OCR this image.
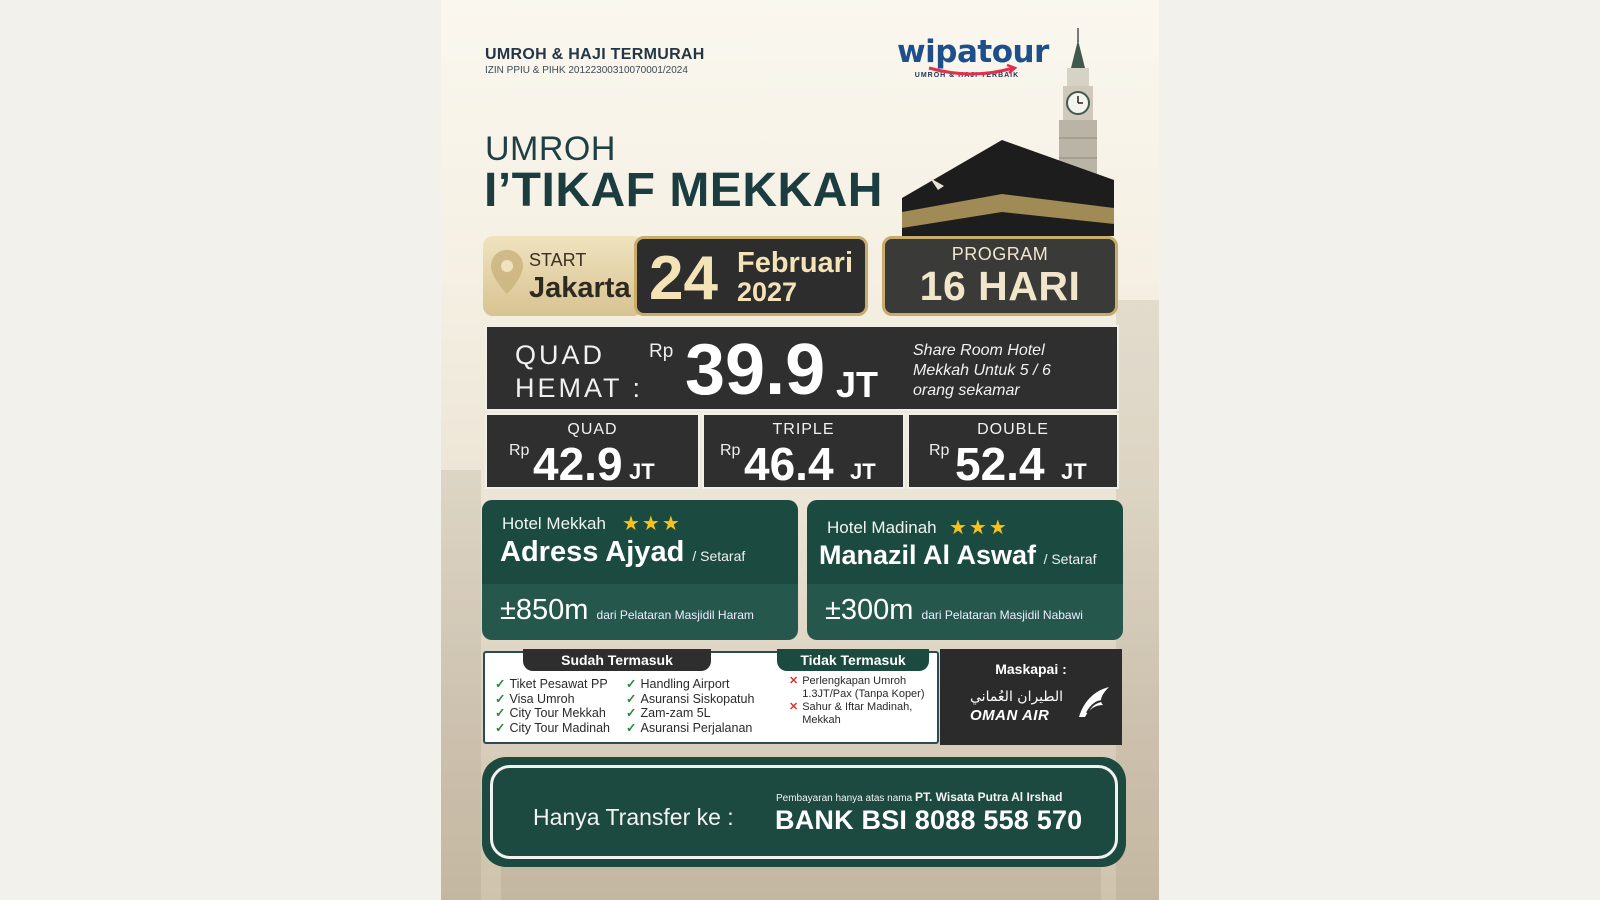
UMROH & HAJI TERMURAH
IZIN PPIU & PIHK 20122300310070001/2024
wipatour
UMROH & HAJI TERBAIK
UMROH
I’TIKAF MEKKAH
START
Jakarta 24 Februari
2027
PROGRAM
16 HARI
QUAD
HEMAT :
Rp 39.9 JT
Share Room Hotel Mekkah Untuk 5 / 6 orang sekamar
QUAD
Rp 42.9 JT
TRIPLE
Rp 46.4 JT
DOUBLE
Rp 52.4 JT
Hotel Mekkah ★★★
Adress Ajyad / Setaraf
±850m dari Pelataran Masjidil Haram
Hotel Madinah ★★★
Manazil Al Aswaf / Setaraf
±300m dari Pelataran Masjidil Nabawi
Sudah Termasuk	Tidak Termasuk
✓ Tiket Pesawat PP
✓ Visa Umroh
✓ City Tour Mekkah
✓ City Tour Madinah
✓ Handling Airport
✓ Asuransi Siskopatuh
✓ Zam-zam 5L
✓ Asuransi Perjalanan
✕ Perlengkapan Umroh 1.3JT/Pax (Tanpa Koper)
✕ Sahur & Iftar Madinah, Mekkah
Maskapai :
الطيران العُماني
OMAN AIR
Hanya Transfer ke :
Pembayaran hanya atas nama PT. Wisata Putra Al Irshad
BANK BSI 8088 558 570
